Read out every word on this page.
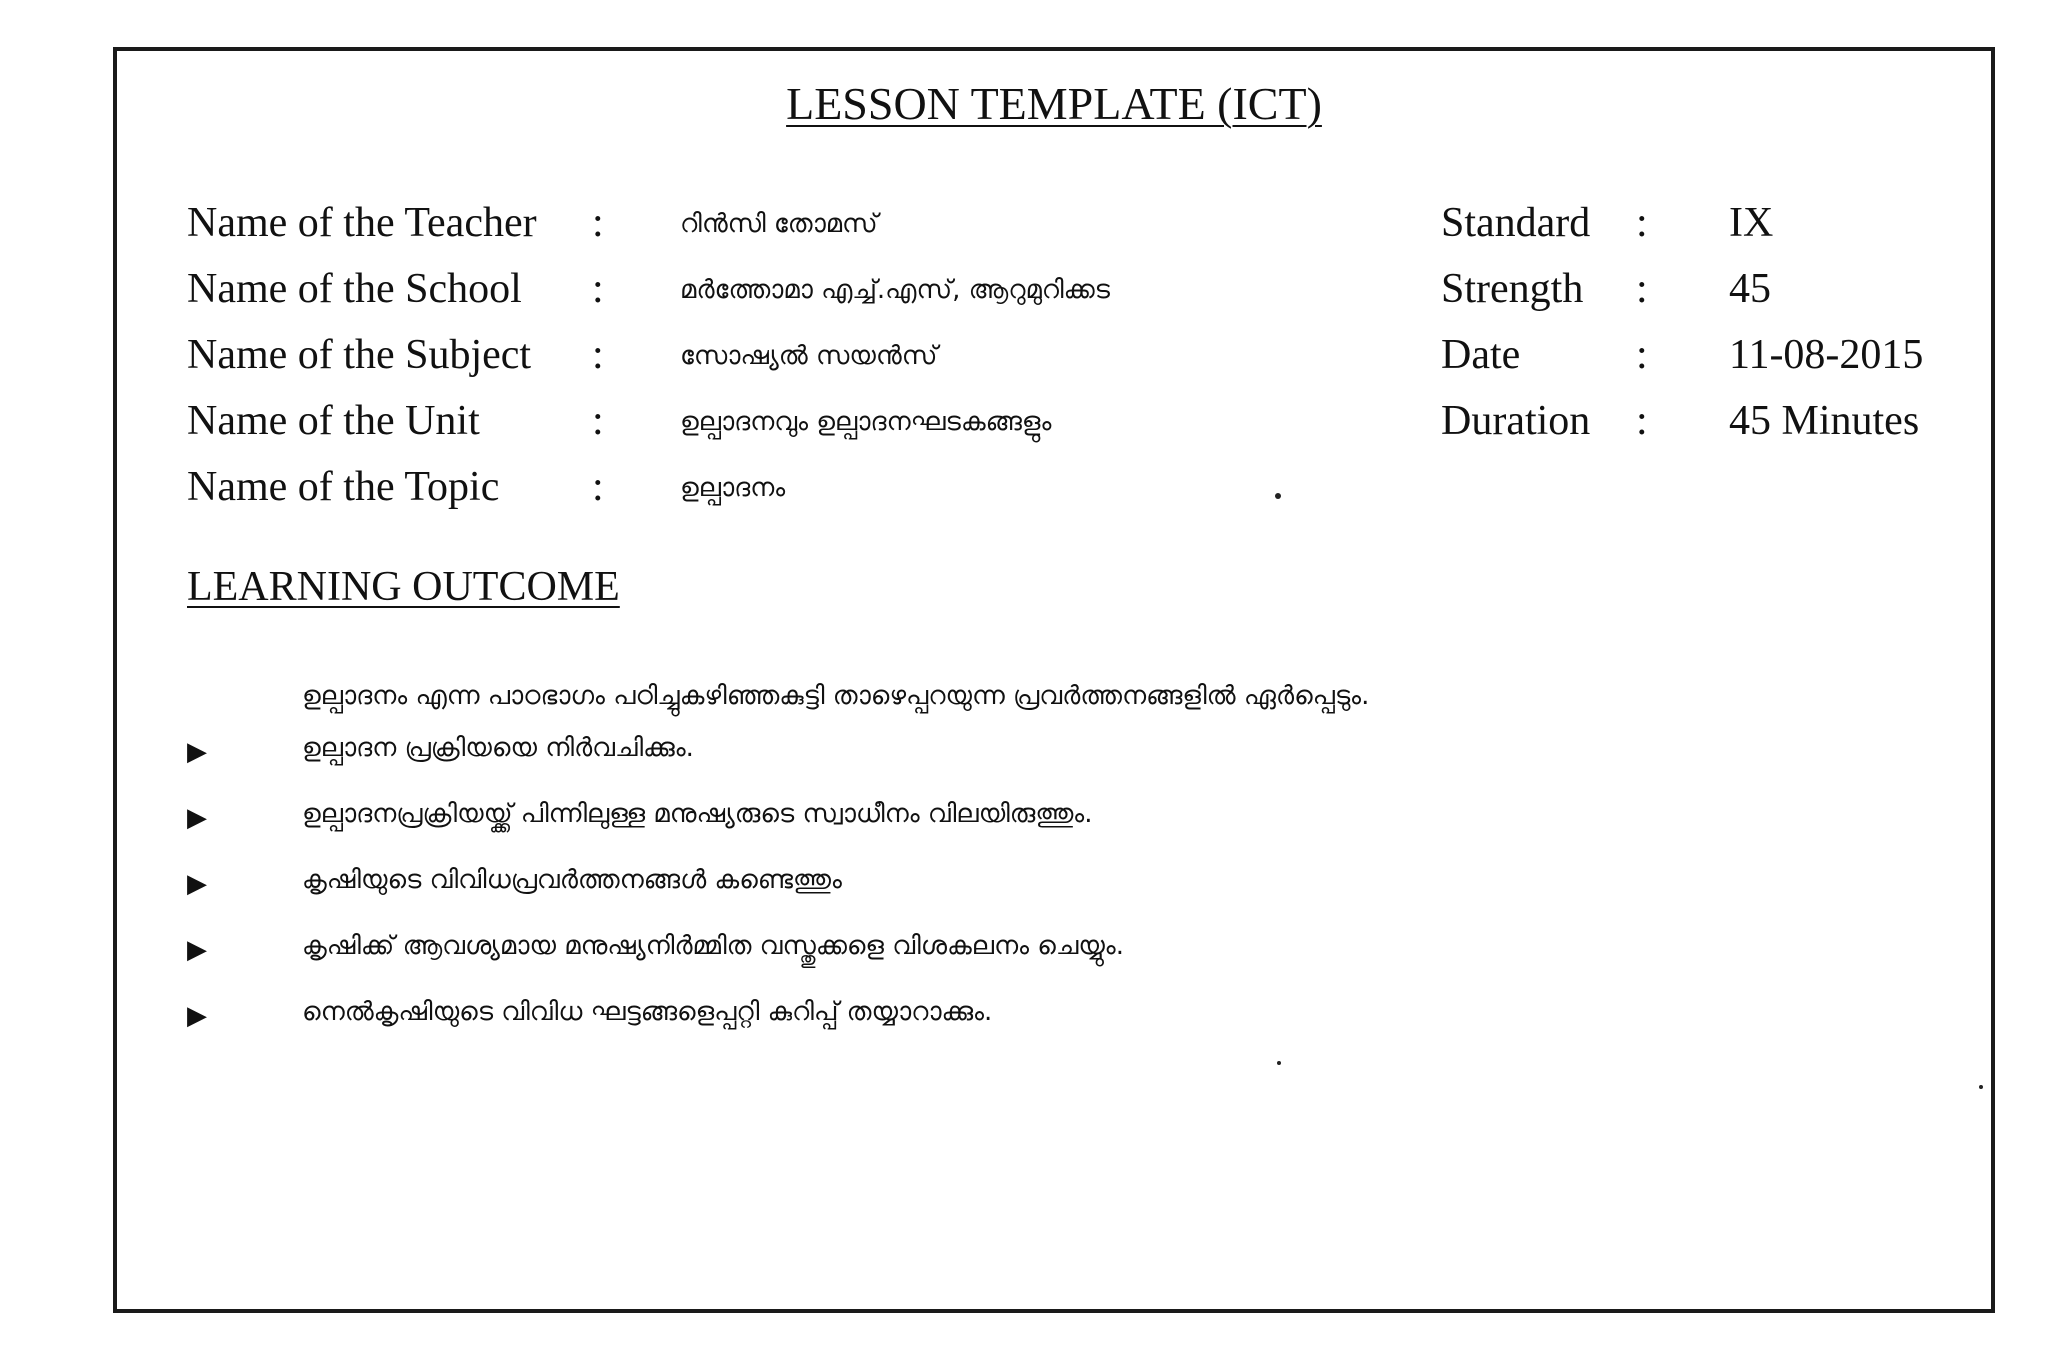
LESSON TEMPLATE (ICT)
Name of the Teacher :	റിൻസി തോമസ്
Name of the School :	മർത്തോമാ എച്ച്.എസ്, ആറുമുറിക്കട
Name of the Subject :	സോഷ്യൽ സയൻസ്
Name of the Unit	:	ഉല്പാദനവും ഉല്പാദനഘടകങ്ങളും
Name of the Topic :	ഉല്പാദനം
Standard : IX
Strength : 45
Date	: 11-08-2015
Duration : 45 Minutes
LEARNING OUTCOME
ഉല്പാദനം എന്ന പാഠഭാഗം പഠിച്ചുകഴിഞ്ഞകുട്ടി താഴെപ്പറയുന്ന പ്രവർത്തനങ്ങളിൽ ഏർപ്പെടും.
▶	ഉല്പാദന പ്രക്രിയയെ നിർവചിക്കും.
▶	ഉല്പാദനപ്രക്രിയയ്ക്ക് പിന്നിലുള്ള മനുഷ്യരുടെ സ്വാധീനം വിലയിരുത്തും.
▶	കൃഷിയുടെ വിവിധപ്രവർത്തനങ്ങൾ കണ്ടെത്തും
▶	കൃഷിക്ക് ആവശ്യമായ മനുഷ്യനിർമ്മിത വസ്തുക്കളെ വിശകലനം ചെയ്യും.
▶	നെൽകൃഷിയുടെ വിവിധ ഘട്ടങ്ങളെപ്പറ്റി കുറിപ്പ് തയ്യാറാക്കും.
